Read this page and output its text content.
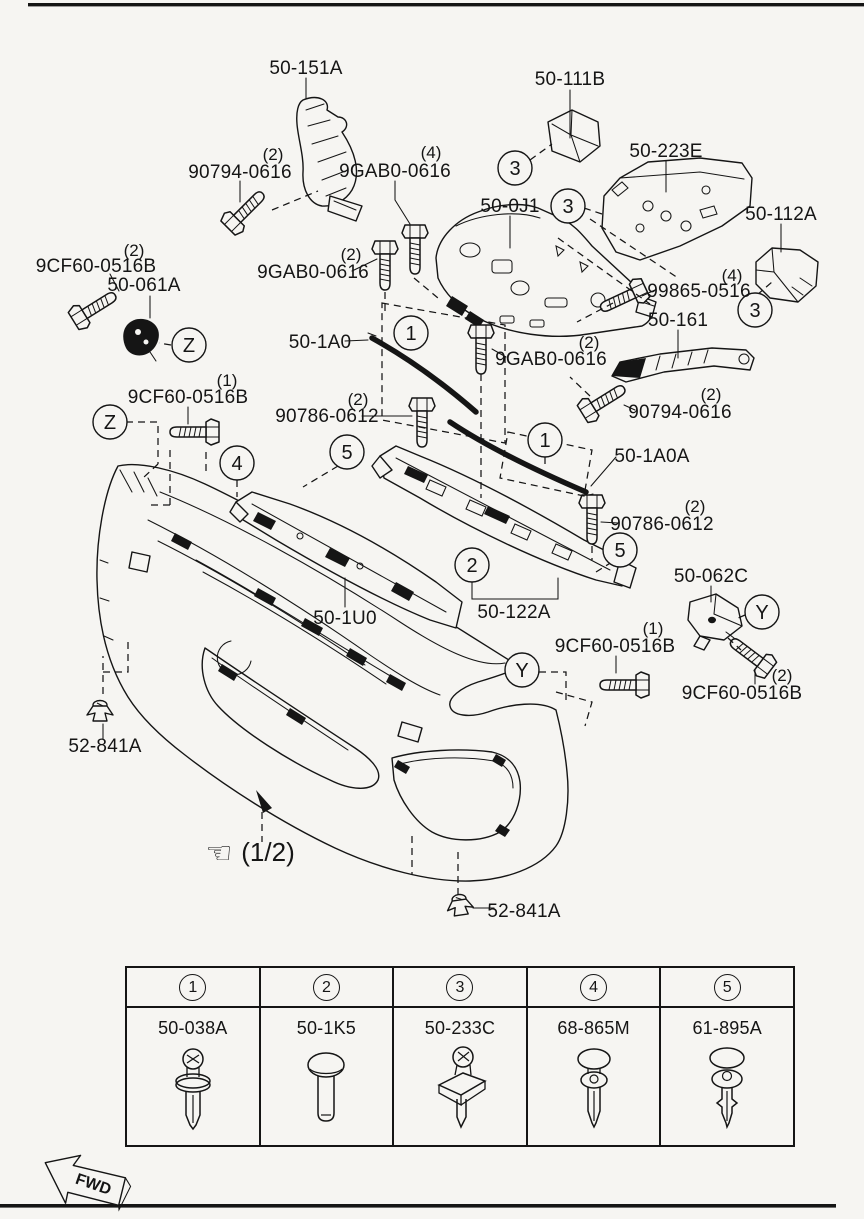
3
3
3
Z
Z
1
1
4	5
2
5
Y
Y
50-151A
(2)
90794-0616
(4)
9GAB0-0616
50-111B
50-223E
50-112A
50-0J1
(2)
9GAB0-0616	(4)
99865-0516
50-161
(2)
9CF60-0516B
50-061A
(1)
9CF60-0516B
50-1A0	(2)
9GAB0-0616
(2)
90794-0616
(2)
90786-0612
50-1A0A
(2)
90786-0612
50-1U0	50-122A
50-062C
(1)
9CF60-0516B
(2)
9CF60-0516B
52-841A
52-841A
☜ (1/2)
FWD
1	2	3	4	5

50-038A	50-1K5	50-233C	68-865M	61-895A
